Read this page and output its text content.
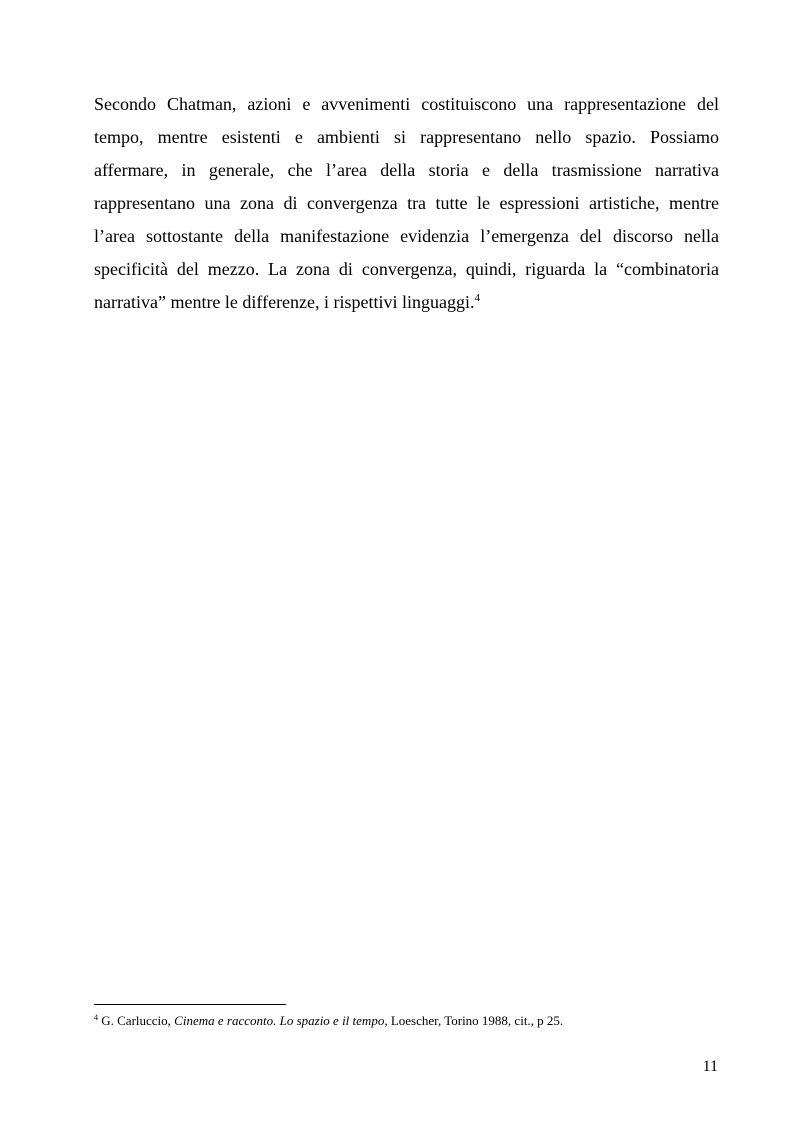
Secondo Chatman, azioni e avvenimenti costituiscono una rappresentazione del
tempo, mentre esistenti e ambienti si rappresentano nello spazio. Possiamo
affermare, in generale, che l’area della storia e della trasmissione narrativa
rappresentano una zona di convergenza tra tutte le espressioni artistiche, mentre
l’area sottostante della manifestazione evidenzia l’emergenza del discorso nella
specificità del mezzo. La zona di convergenza, quindi, riguarda la “combinatoria
narrativa” mentre le differenze, i rispettivi linguaggi.$^4$

$^4$ G. Carluccio, Cinema e racconto. Lo spazio e il tempo, Loescher, Torino 1988, cit., p 25.

11
